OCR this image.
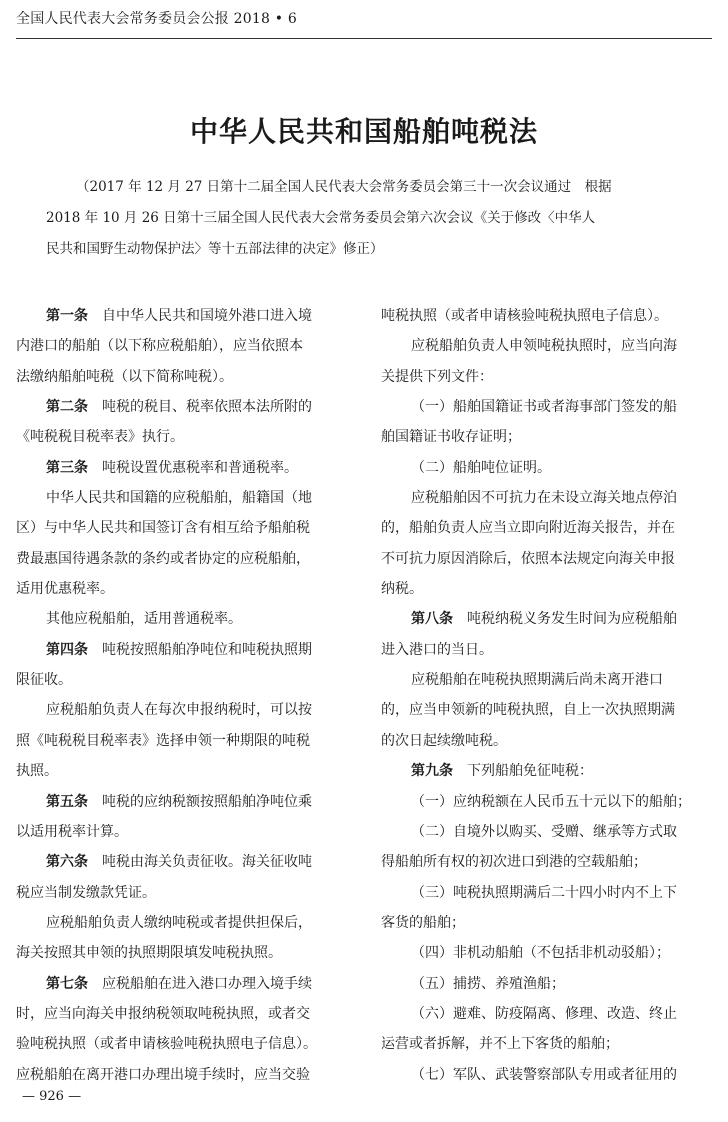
全国人民代表大会常务委员会公报 2018 • 6
中华人民共和国船舶吨税法
（2017 年 12 月 27 日第十二届全国人民代表大会常务委员会第三十一次会议通过　根据
2018 年 10 月 26 日第十三届全国人民代表大会常务委员会第六次会议《关于修改〈中华人
民共和国野生动物保护法〉等十五部法律的决定》修正）
第一条　自中华人民共和国境外港口进入境
内港口的船舶（以下称应税船舶），应当依照本
法缴纳船舶吨税（以下简称吨税）。
第二条　吨税的税目、税率依照本法所附的
《吨税税目税率表》执行。
第三条　吨税设置优惠税率和普通税率。
中华人民共和国籍的应税船舶，船籍国（地
区）与中华人民共和国签订含有相互给予船舶税
费最惠国待遇条款的条约或者协定的应税船舶，
适用优惠税率。
其他应税船舶，适用普通税率。
第四条　吨税按照船舶净吨位和吨税执照期
限征收。
应税船舶负责人在每次申报纳税时，可以按
照《吨税税目税率表》选择申领一种期限的吨税
执照。
第五条　吨税的应纳税额按照船舶净吨位乘
以适用税率计算。
第六条　吨税由海关负责征收。海关征收吨
税应当制发缴款凭证。
应税船舶负责人缴纳吨税或者提供担保后，
海关按照其申领的执照期限填发吨税执照。
第七条　应税船舶在进入港口办理入境手续
时，应当向海关申报纳税领取吨税执照，或者交
验吨税执照（或者申请核验吨税执照电子信息）。
应税船舶在离开港口办理出境手续时，应当交验
吨税执照（或者申请核验吨税执照电子信息）。
应税船舶负责人申领吨税执照时，应当向海
关提供下列文件：
（一）船舶国籍证书或者海事部门签发的船
舶国籍证书收存证明；
（二）船舶吨位证明。
应税船舶因不可抗力在未设立海关地点停泊
的，船舶负责人应当立即向附近海关报告，并在
不可抗力原因消除后，依照本法规定向海关申报
纳税。
第八条　吨税纳税义务发生时间为应税船舶
进入港口的当日。
应税船舶在吨税执照期满后尚未离开港口
的，应当申领新的吨税执照，自上一次执照期满
的次日起续缴吨税。
第九条　下列船舶免征吨税：
（一）应纳税额在人民币五十元以下的船舶；
（二）自境外以购买、受赠、继承等方式取
得船舶所有权的初次进口到港的空载船舶；
（三）吨税执照期满后二十四小时内不上下
客货的船舶；
（四）非机动船舶（不包括非机动驳船）；
（五）捕捞、养殖渔船；
（六）避难、防疫隔离、修理、改造、终止
运营或者拆解，并不上下客货的船舶；
（七）军队、武装警察部队专用或者征用的
— 926 —
